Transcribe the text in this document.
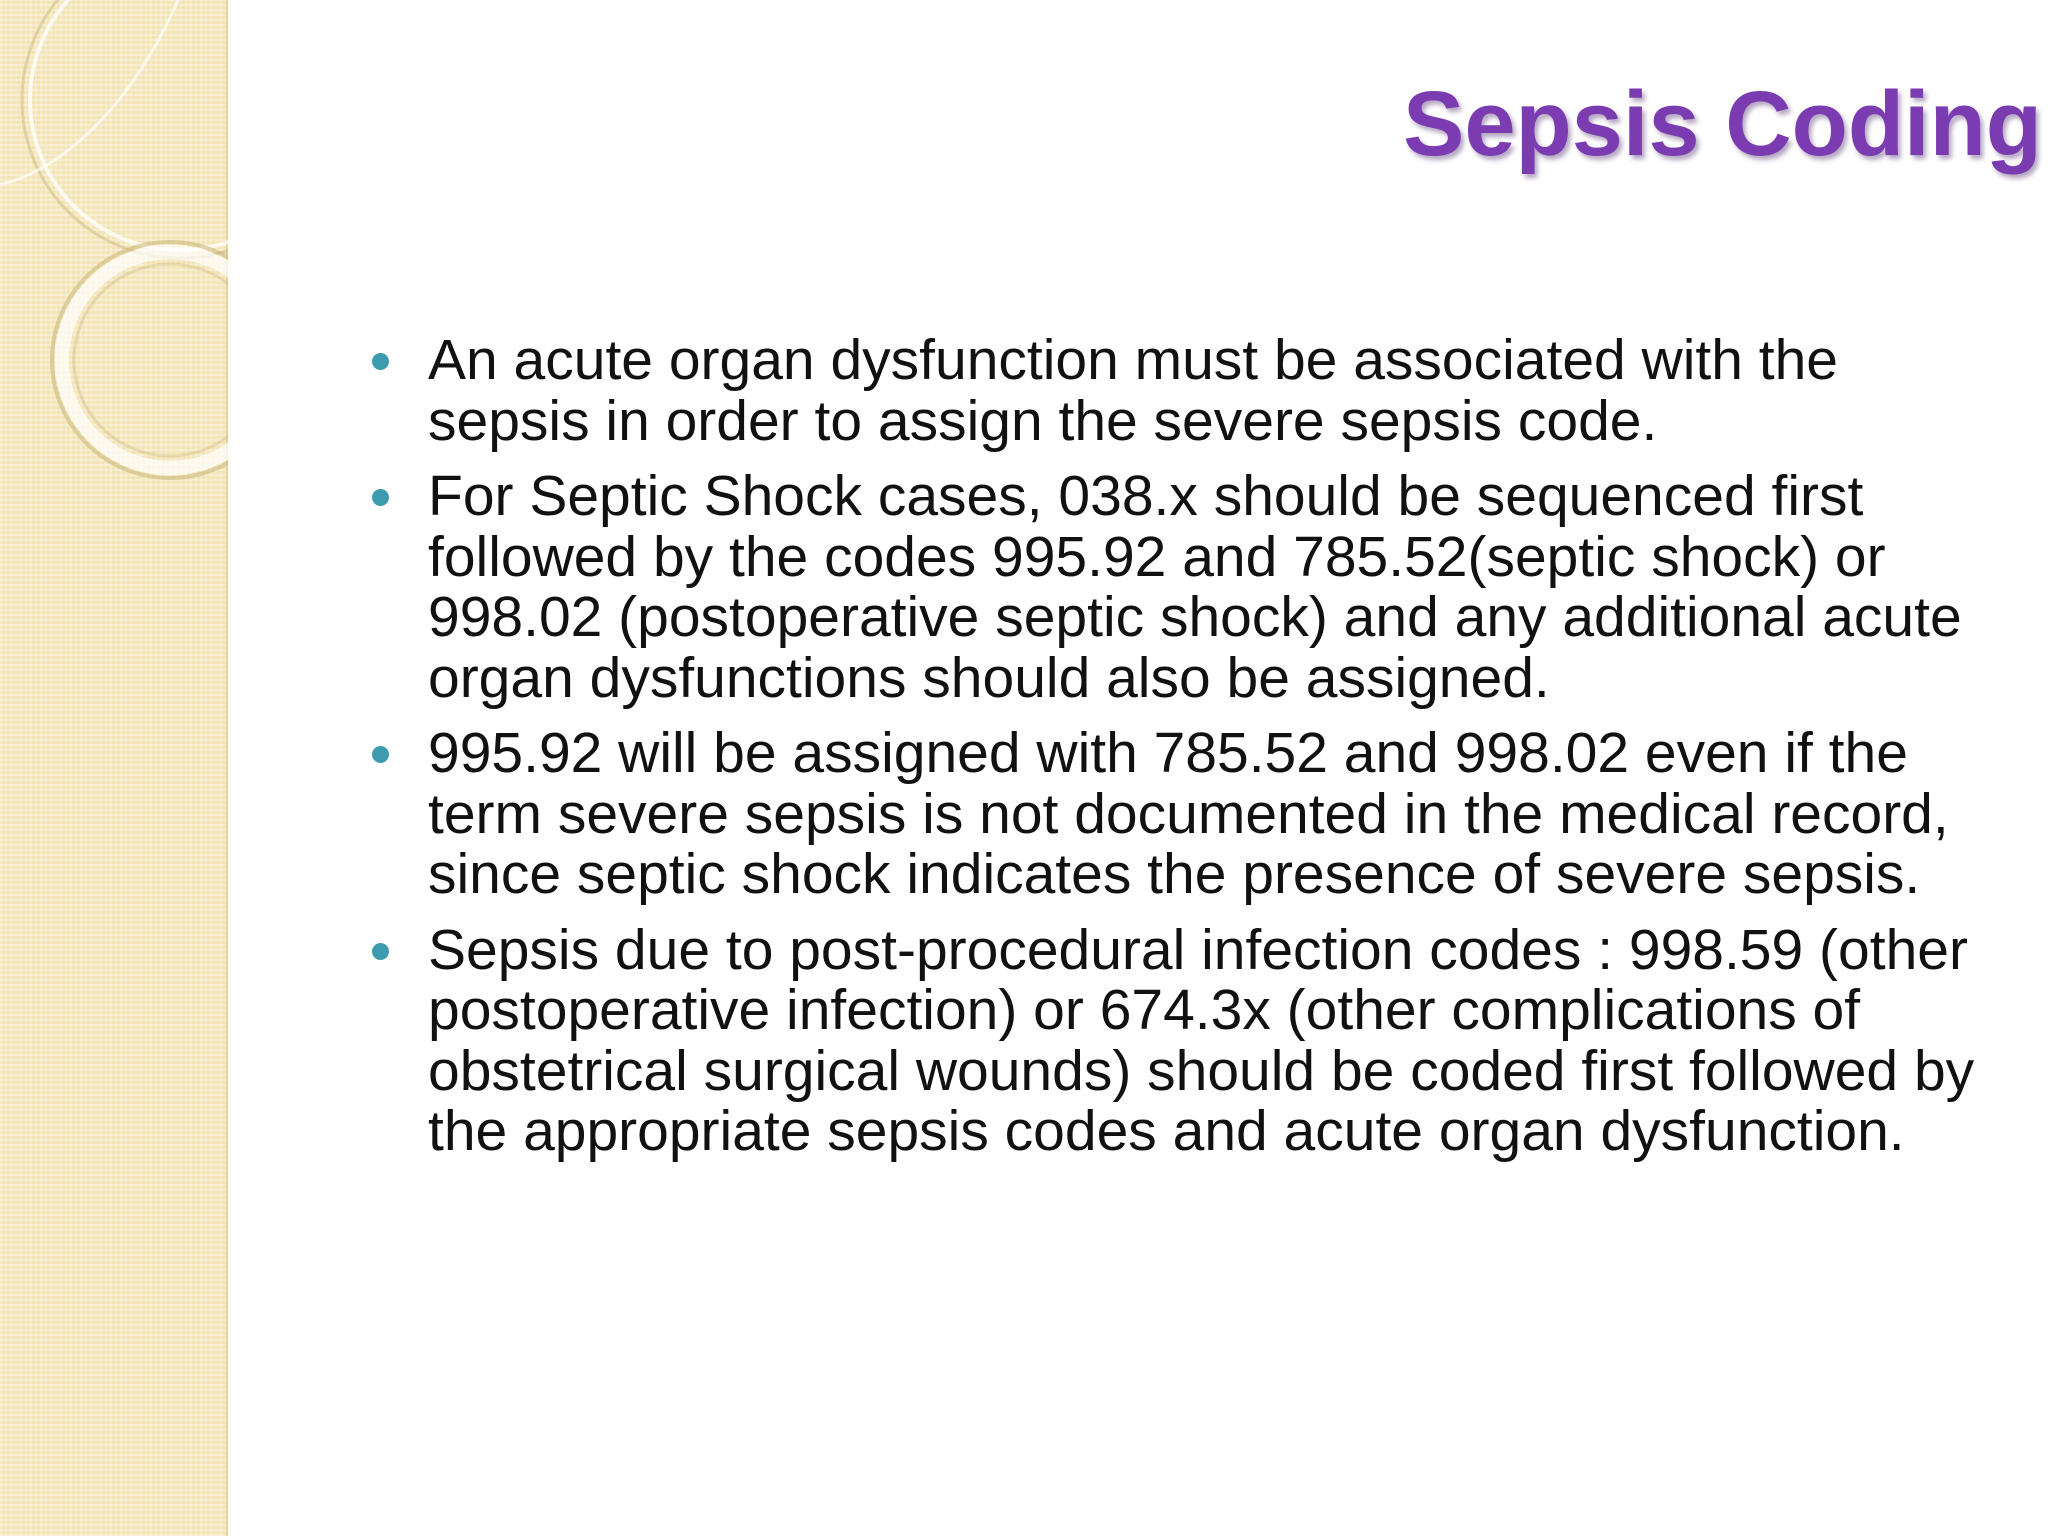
Sepsis Coding
An acute organ dysfunction must be associated with the sepsis in order to assign the severe sepsis code.
For Septic Shock cases, 038.x should be sequenced first followed by the codes 995.92 and 785.52(septic shock) or 998.02 (postoperative septic shock) and any additional acute organ dysfunctions should also be assigned.
995.92 will be assigned with 785.52 and 998.02 even if the term severe sepsis is not documented in the medical record, since septic shock indicates the presence of severe sepsis.
Sepsis due to post-procedural infection codes : 998.59 (other postoperative infection) or 674.3x (other complications of obstetrical surgical wounds) should be coded first followed by the appropriate sepsis codes and acute organ dysfunction.
